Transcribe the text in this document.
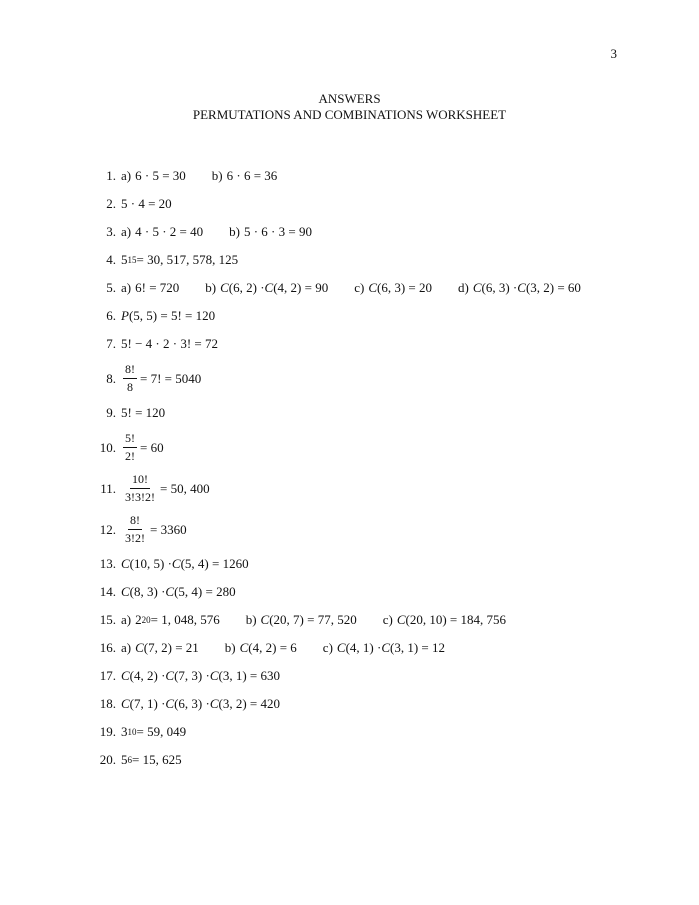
3
ANSWERS
PERMUTATIONS AND COMBINATIONS WORKSHEET
1. a) 6 · 5 = 30 b) 6 · 6 = 36
2. 5 · 4 = 20
3. a) 4 · 5 · 2 = 40 b) 5 · 6 · 3 = 90
4. 5 15 = 30, 517, 578, 125
5. a) 6! = 720 b) C (6, 2) · C (4, 2) = 90 c) C (6, 3) = 20 d) C (6, 3) · C (3, 2) = 60
6. P (5, 5) = 5! = 120
7. 5! − 4 · 2 · 3! = 72
8. $\frac{8!}{8} = 7$! = 5040
9. 5! = 120
10. $\frac{5!}{2!} = 60$
11. $\frac{10!}{3!3!2!} = 50$, 400
12. $\frac{8!}{3!2!} = 3360$
13. C (10, 5) · C (5, 4) = 1260
14. C (8, 3) · C (5, 4) = 280
15. a) 2 20 = 1, 048, 576 b) C (20, 7) = 77, 520 c) C (20, 10) = 184, 756
16. a) C (7, 2) = 21 b) C (4, 2) = 6 c) C (4, 1) · C (3, 1) = 12
17. C (4, 2) · C (7, 3) · C (3, 1) = 630
18. C (7, 1) · C (6, 3) · C (3, 2) = 420
19. 3 10 = 59, 049
20. 5 6 = 15, 625
